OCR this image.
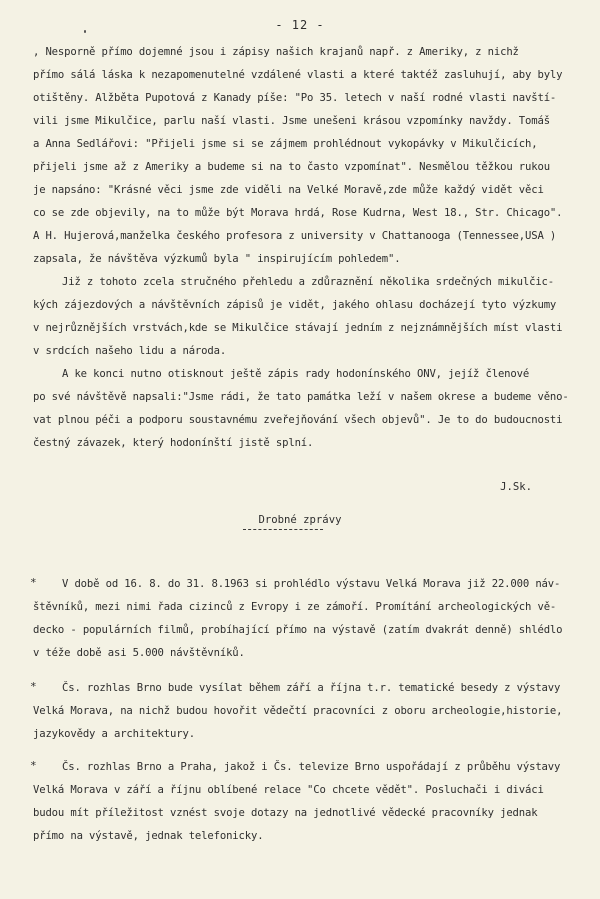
- 12 -
, Nesporně přímo dojemné jsou i zápisy našich krajanů např. z Ameriky, z nichž
přímo sálá láska k nezapomenutelné vzdálené vlasti a které taktéž zasluhují, aby byly
otištěny. Alžběta Pupotová z Kanady píše: "Po 35. letech v naší rodné vlasti navští-
vili jsme Mikulčice, parlu naší vlasti. Jsme unešeni krásou vzpomínky navždy. Tomáš
a Anna Sedlářovi: "Přijeli jsme si se zájmem prohlédnout vykopávky v Mikulčicích,
přijeli jsme až z Ameriky a budeme si na to často vzpomínat". Nesmělou těžkou rukou
je napsáno: "Krásné věci jsme zde viděli na Velké Moravě,zde může každý vidět věci
co se zde objevily, na to může být Morava hrdá, Rose Kudrna, West 18., Str. Chicago".
A H. Hujerová,manželka českého profesora z university v Chattanooga (Tennessee,USA )
zapsala, že návštěva výzkumů byla " inspirujícím pohledem".
Již z tohoto zcela stručného přehledu a zdůraznění několika srdečných mikulčic-
kých zájezdových a návštěvních zápisů je vidět, jakého ohlasu docházejí tyto výzkumy
v nejrůznějších vrstvách,kde se Mikulčice stávají jedním z nejznámnějších míst vlasti
v srdcích našeho lidu a národa.
A ke konci nutno otisknout ještě zápis rady hodonínského ONV, jejíž členové
po své návštěvě napsali:"Jsme rádi, že tato památka leží v našem okrese a budeme věno-
vat plnou péči a podporu soustavnému zveřejňování všech objevů". Je to do budoucnosti
čestný závazek, který hodonínští jistě splní.
J.Sk.
Drobné zprávy
* V době od 16. 8. do 31. 8.1963 si prohlédlo výstavu Velká Morava již 22.000 náv-
štěvníků, mezi nimi řada cizinců z Evropy i ze zámoří. Promítání archeologických vě-
decko - populárních filmů, probíhající přímo na výstavě (zatím dvakrát denně) shlédlo
v téže době asi 5.000 návštěvníků.
* Čs. rozhlas Brno bude vysílat během září a října t.r. tematické besedy z výstavy
Velká Morava, na nichž budou hovořit vědečtí pracovníci z oboru archeologie,historie,
jazykovědy a architektury.
* Čs. rozhlas Brno a Praha, jakož i Čs. televize Brno uspořádají z průběhu výstavy
Velká Morava v září a říjnu oblíbené relace "Co chcete vědět". Posluchači i diváci
budou mít příležitost vznést svoje dotazy na jednotlivé vědecké pracovníky jednak
přímo na výstavě, jednak telefonicky.
